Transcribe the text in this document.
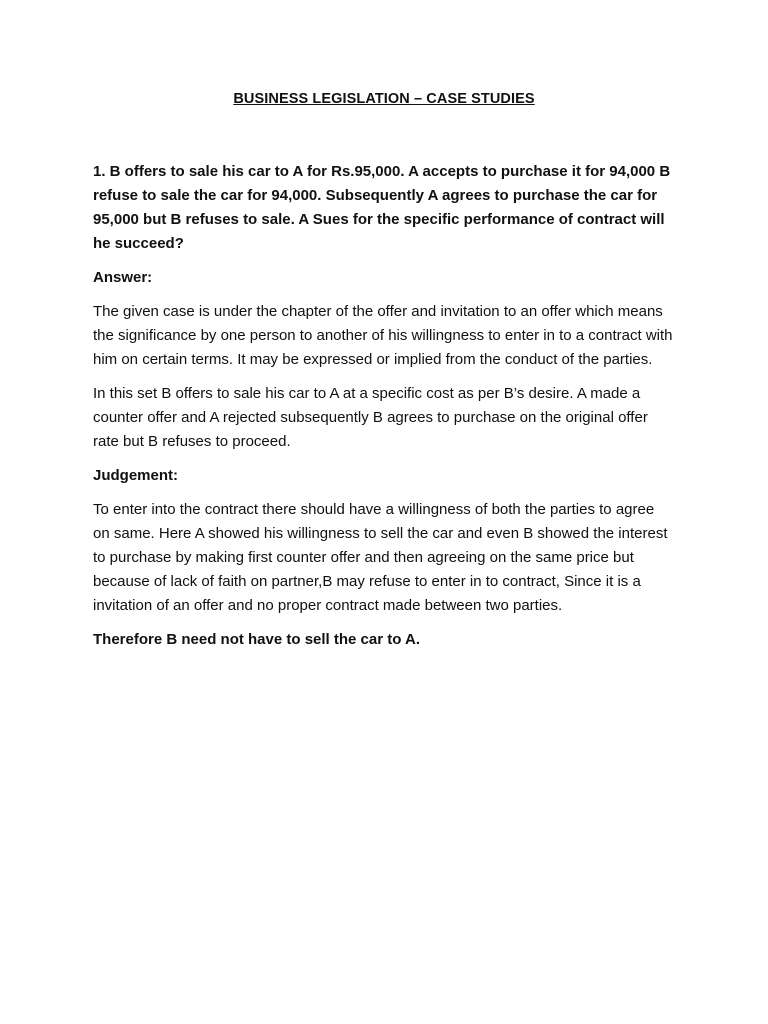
BUSINESS LEGISLATION – CASE STUDIES

1. B offers to sale his car to A for Rs.95,000. A accepts to purchase it for 94,000 B refuse to sale the car for 94,000. Subsequently A agrees to purchase the car for 95,000 but B refuses to sale. A Sues for the specific performance of contract will he succeed?

Answer:

The given case is under the chapter of the offer and invitation to an offer which means the significance by one person to another of his willingness to enter in to a contract with him on certain terms. It may be expressed or implied from the conduct of the parties.

In this set B offers to sale his car to A at a specific cost as per B’s desire. A made a counter offer and A rejected subsequently B agrees to purchase on the original offer rate but B refuses to proceed.

Judgement:

To enter into the contract there should have a willingness of both the parties to agree on same. Here A showed his willingness to sell the car and even B showed the interest to purchase by making first counter offer and then agreeing on the same price but because of lack of faith on partner,B may refuse to enter in to contract, Since it is a invitation of an offer and no proper contract made between two parties.

Therefore B need not have to sell the car to A.
